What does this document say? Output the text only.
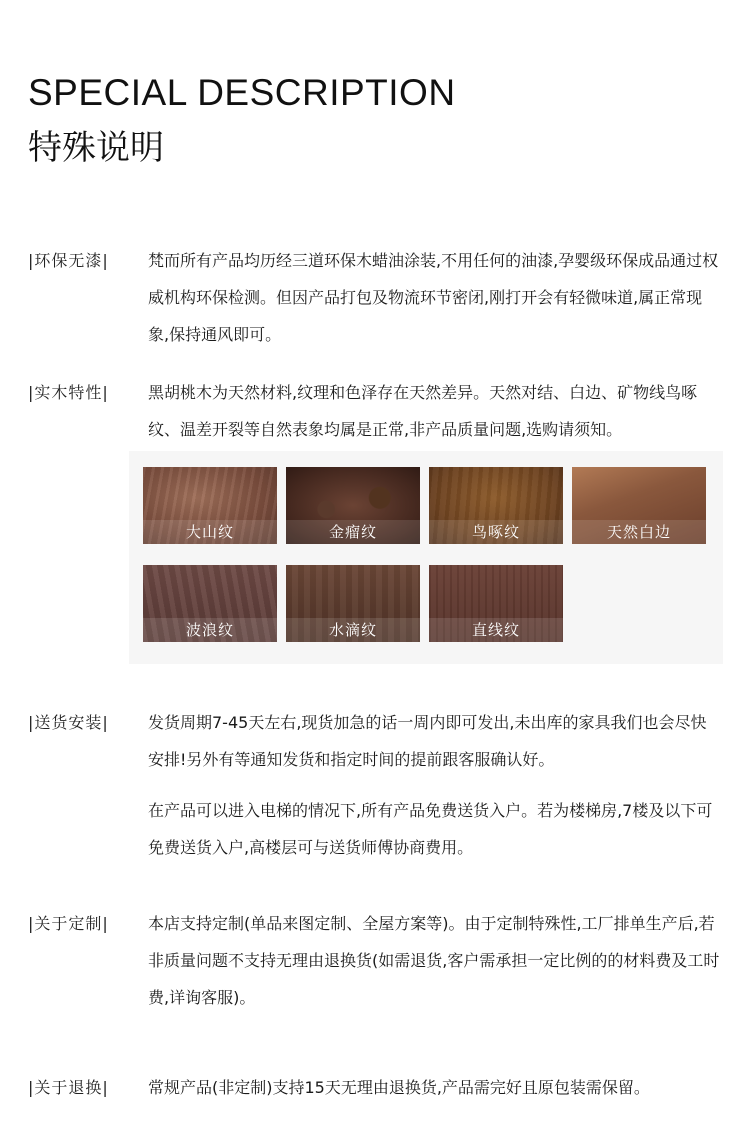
SPECIAL DESCRIPTION
特殊说明
|环保无漆| 梵而所有产品均历经三道环保木蜡油涂装,不用任何的油漆,孕婴级环保成品通过权威机构环保检测。但因产品打包及物流环节密闭,刚打开会有轻微味道,属正常现象,保持通风即可。

|实木特性| 黑胡桃木为天然材料,纹理和色泽存在天然差异。天然对结、白边、矿物线鸟啄纹、温差开裂等自然表象均属是正常,非产品质量问题,选购请须知。

大山纹	金瘤纹	鸟啄纹	天然白边
波浪纹	水滴纹	直线纹
|送货安装| 发货周期7-45天左右,现货加急的话一周内即可发出,未出库的家具我们也会尽快安排!另外有等通知发货和指定时间的提前跟客服确认好。

在产品可以进入电梯的情况下,所有产品免费送货入户。若为楼梯房,7楼及以下可免费送货入户,高楼层可与送货师傅协商费用。

|关于定制| 本店支持定制(单品来图定制、全屋方案等)。由于定制特殊性,工厂排单生产后,若非质量问题不支持无理由退换货(如需退货,客户需承担一定比例的的材料费及工时费,详询客服)。

|关于退换| 常规产品(非定制)支持15天无理由退换货,产品需完好且原包装需保留。
